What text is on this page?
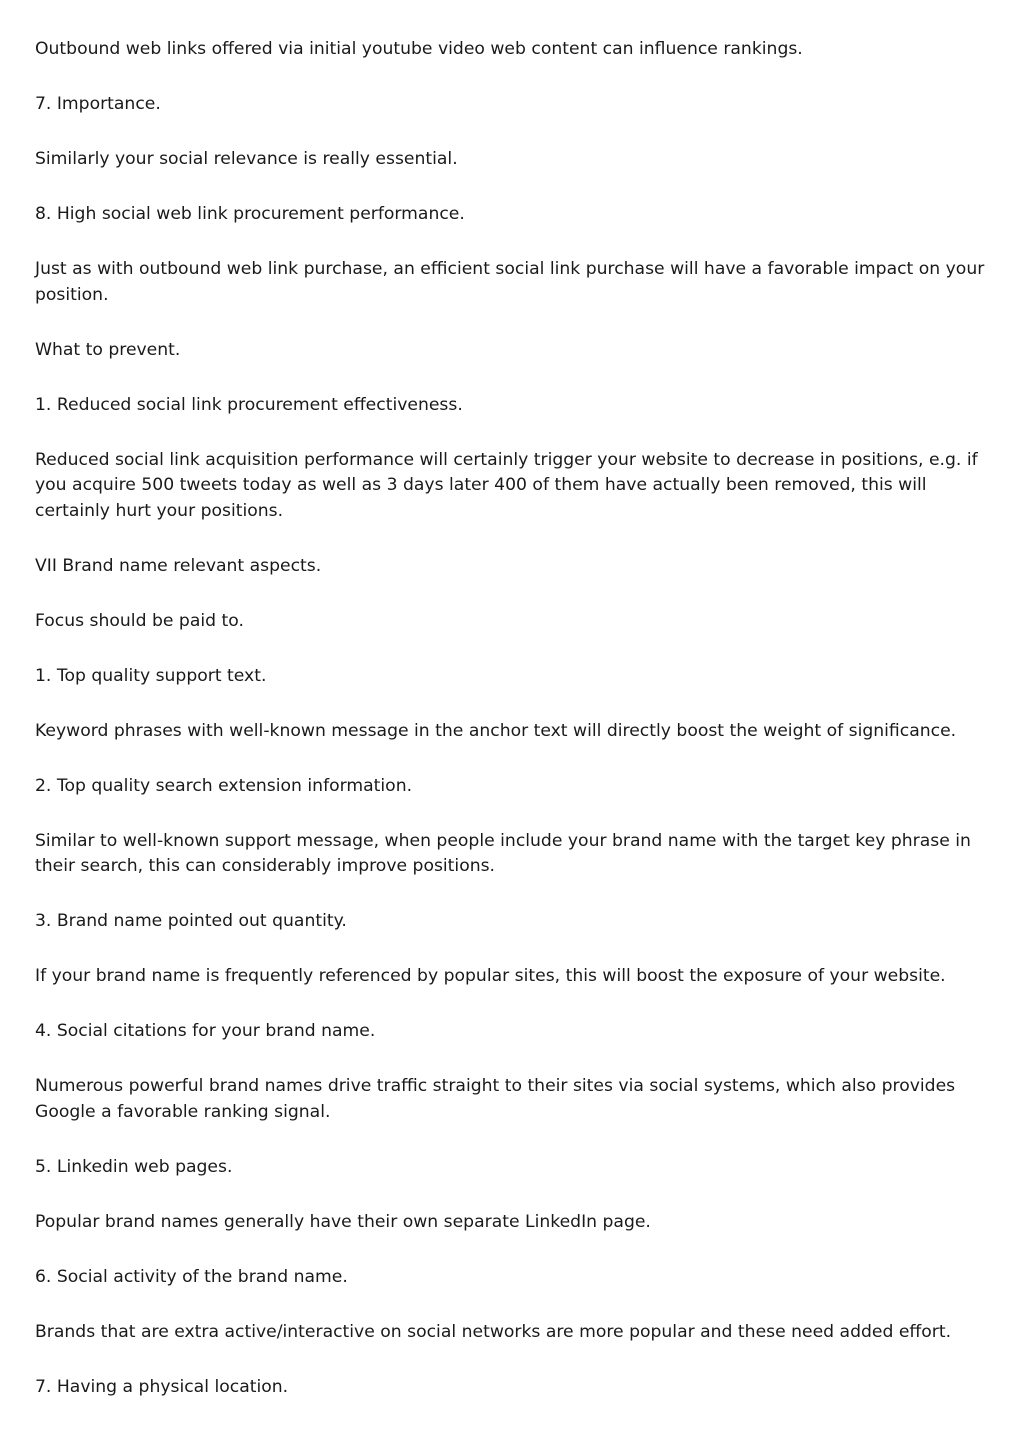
Outbound web links offered via initial youtube video web content can influence rankings.

7. Importance.

Similarly your social relevance is really essential.

8. High social web link procurement performance.

Just as with outbound web link purchase, an efficient social link purchase will have a favorable impact on your position.

What to prevent.

1. Reduced social link procurement effectiveness.

Reduced social link acquisition performance will certainly trigger your website to decrease in positions, e.g. if you acquire 500 tweets today as well as 3 days later 400 of them have actually been removed, this will certainly hurt your positions.

VII Brand name relevant aspects.

Focus should be paid to.

1. Top quality support text.

Keyword phrases with well-known message in the anchor text will directly boost the weight of significance.

2. Top quality search extension information.

Similar to well-known support message, when people include your brand name with the target key phrase in their search, this can considerably improve positions.

3. Brand name pointed out quantity.

If your brand name is frequently referenced by popular sites, this will boost the exposure of your website.

4. Social citations for your brand name.

Numerous powerful brand names drive traffic straight to their sites via social systems, which also provides Google a favorable ranking signal.

5. Linkedin web pages.

Popular brand names generally have their own separate LinkedIn page.

6. Social activity of the brand name.

Brands that are extra active/interactive on social networks are more popular and these need added effort.

7. Having a physical location.
